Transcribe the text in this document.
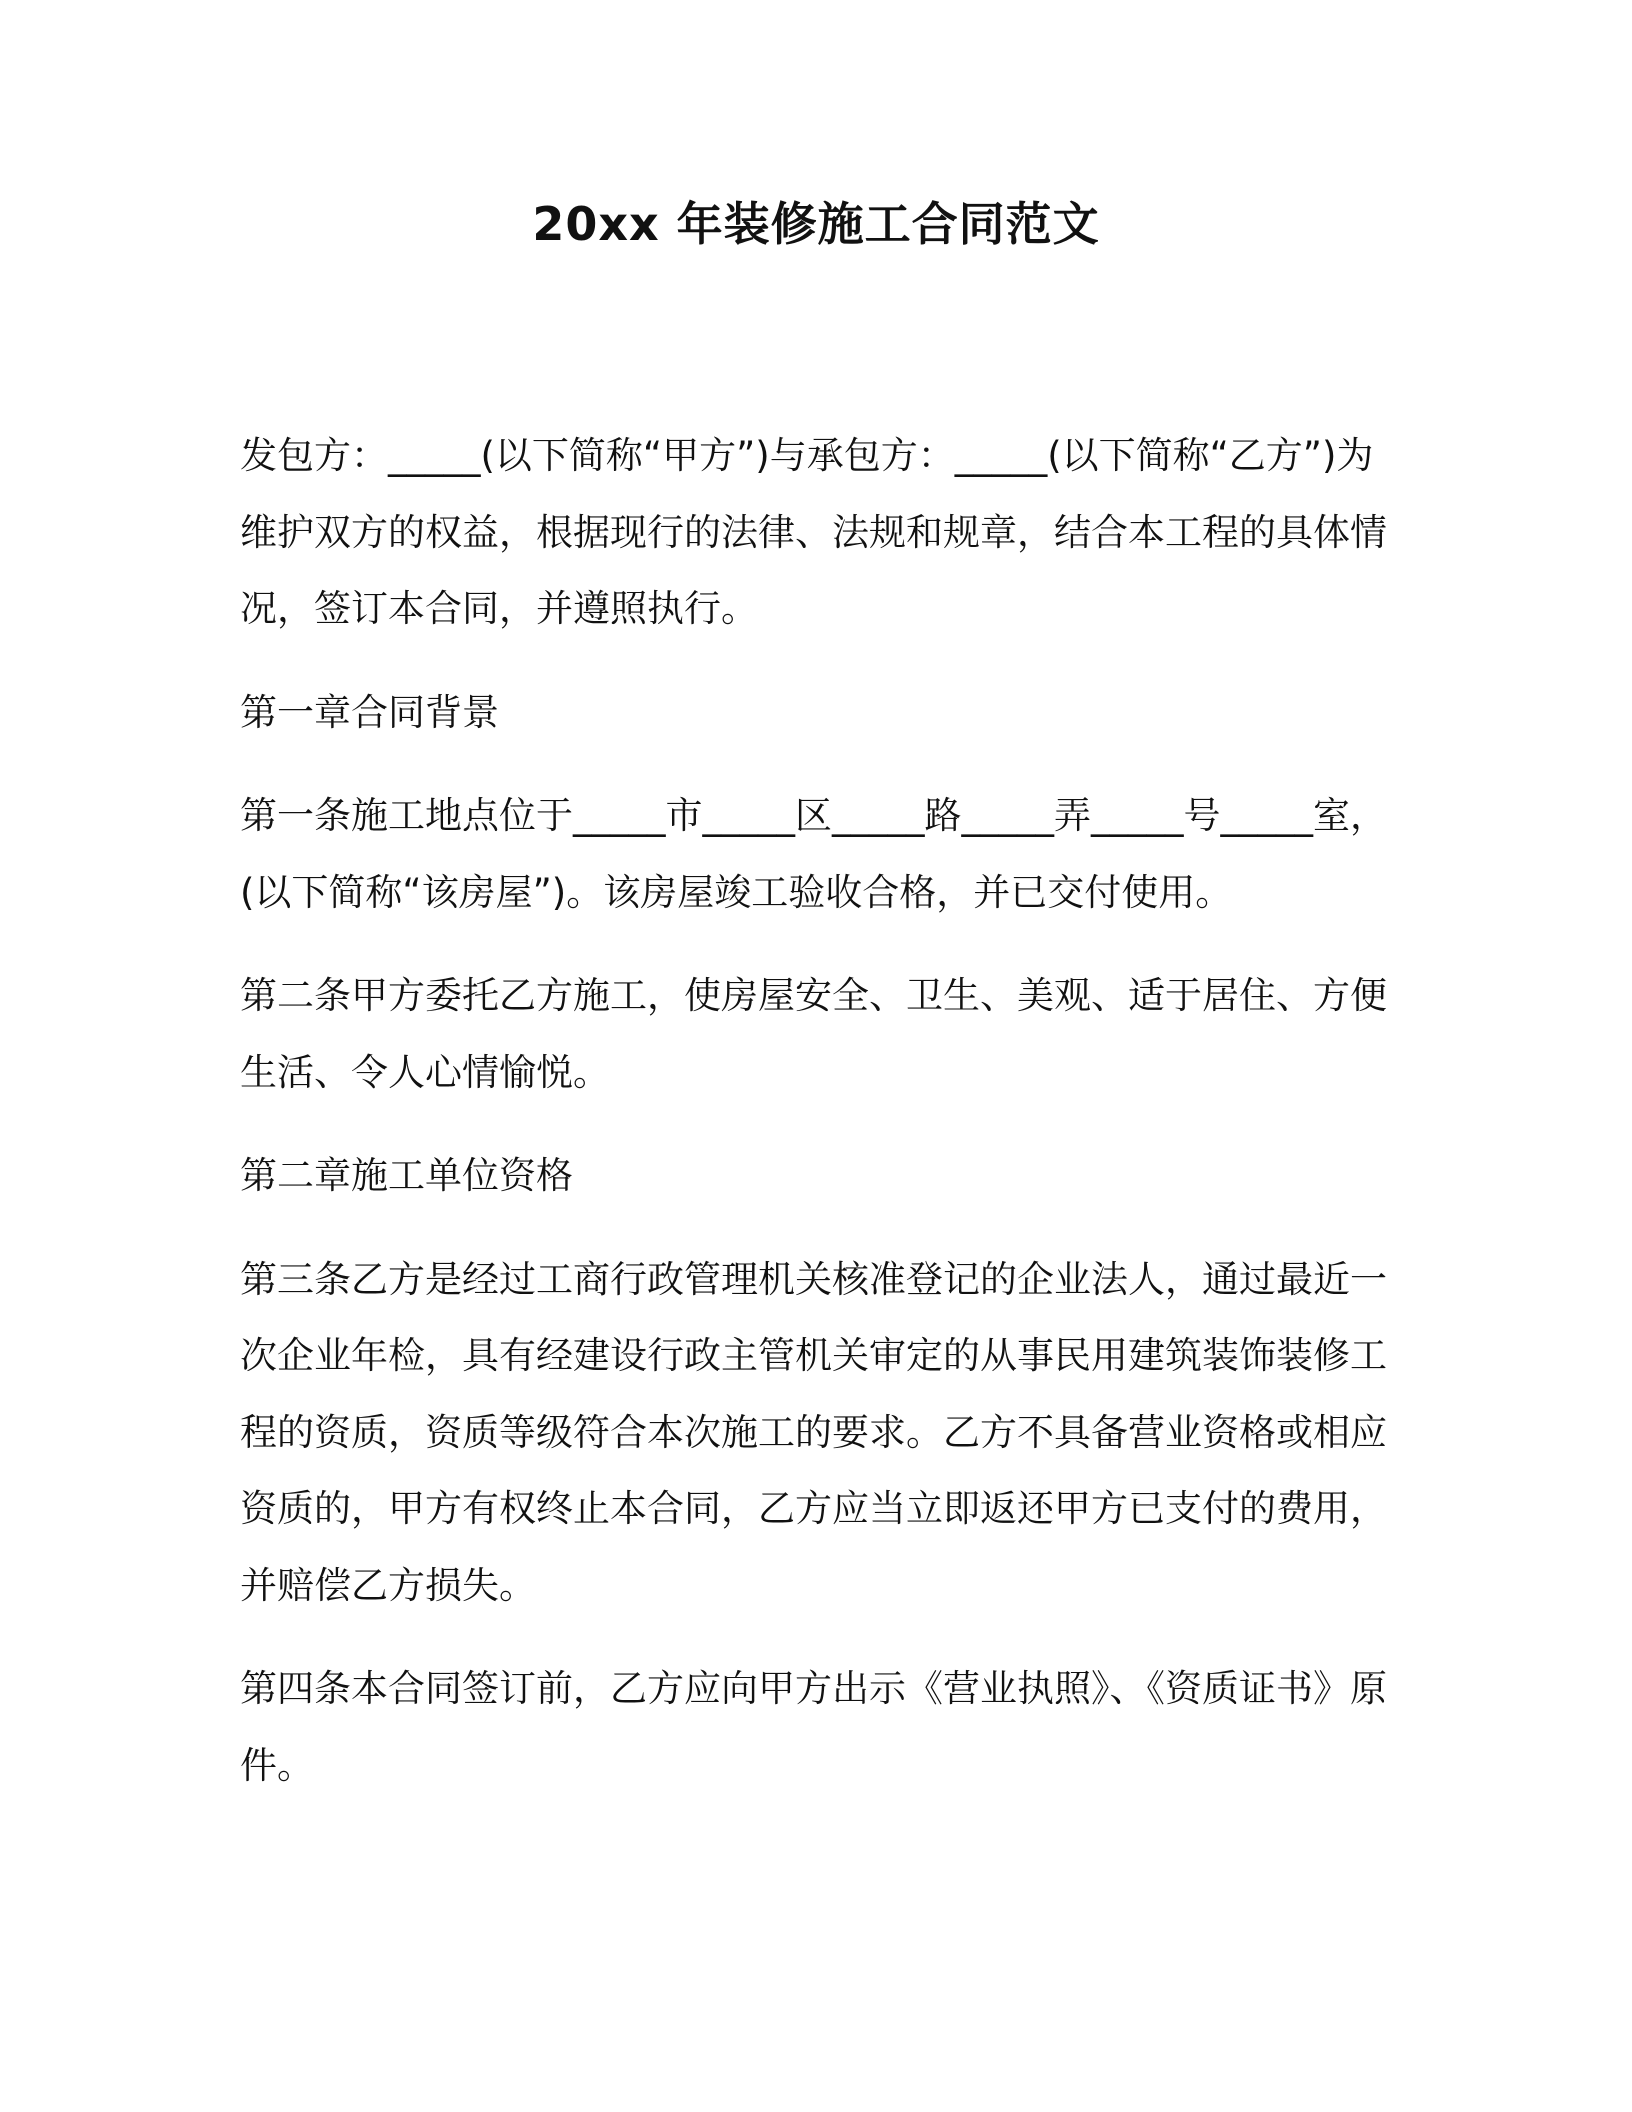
20xx 年装修施工合同范文

发包方：_____(以下简称“甲方”)与承包方：_____(以下简称“乙方”)为维护双方的权益，根据现行的法律、法规和规章，结合本工程的具体情况，签订本合同，并遵照执行。

第一章合同背景

第一条施工地点位于_____市_____区_____路_____弄_____号_____室，(以下简称“该房屋”)。该房屋竣工验收合格，并已交付使用。

第二条甲方委托乙方施工，使房屋安全、卫生、美观、适于居住、方便生活、令人心情愉悦。

第二章施工单位资格

第三条乙方是经过工商行政管理机关核准登记的企业法人，通过最近一次企业年检，具有经建设行政主管机关审定的从事民用建筑装饰装修工程的资质，资质等级符合本次施工的要求。乙方不具备营业资格或相应资质的，甲方有权终止本合同，乙方应当立即返还甲方已支付的费用，并赔偿乙方损失。

第四条本合同签订前，乙方应向甲方出示《营业执照》、《资质证书》原件。
